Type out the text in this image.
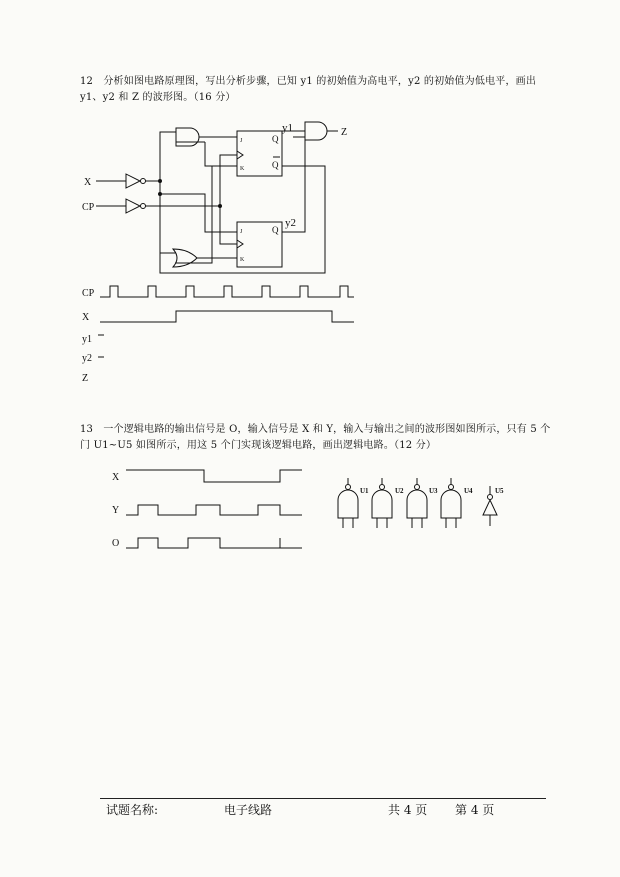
12　分析如图电路原理图，写出分析步骤，已知 y1 的初始值为高电平，y2 的初始值为低电平，画出 y1、y2 和 Z 的波形图。（16 分）
X
CP
Z
y1
y2
J
K
Q
Q
J
K
Q
CP
X
y1
y2
Z
X
Y
O
U1	U2	U3	U4	U5
13　一个逻辑电路的输出信号是 O，输入信号是 X 和 Y，输入与输出之间的波形图如图所示，只有 5 个门 U1~U5 如图所示，用这 5 个门实现该逻辑电路，画出逻辑电路。（12 分）
试题名称:	电子线路	共 4 页 第 4 页
